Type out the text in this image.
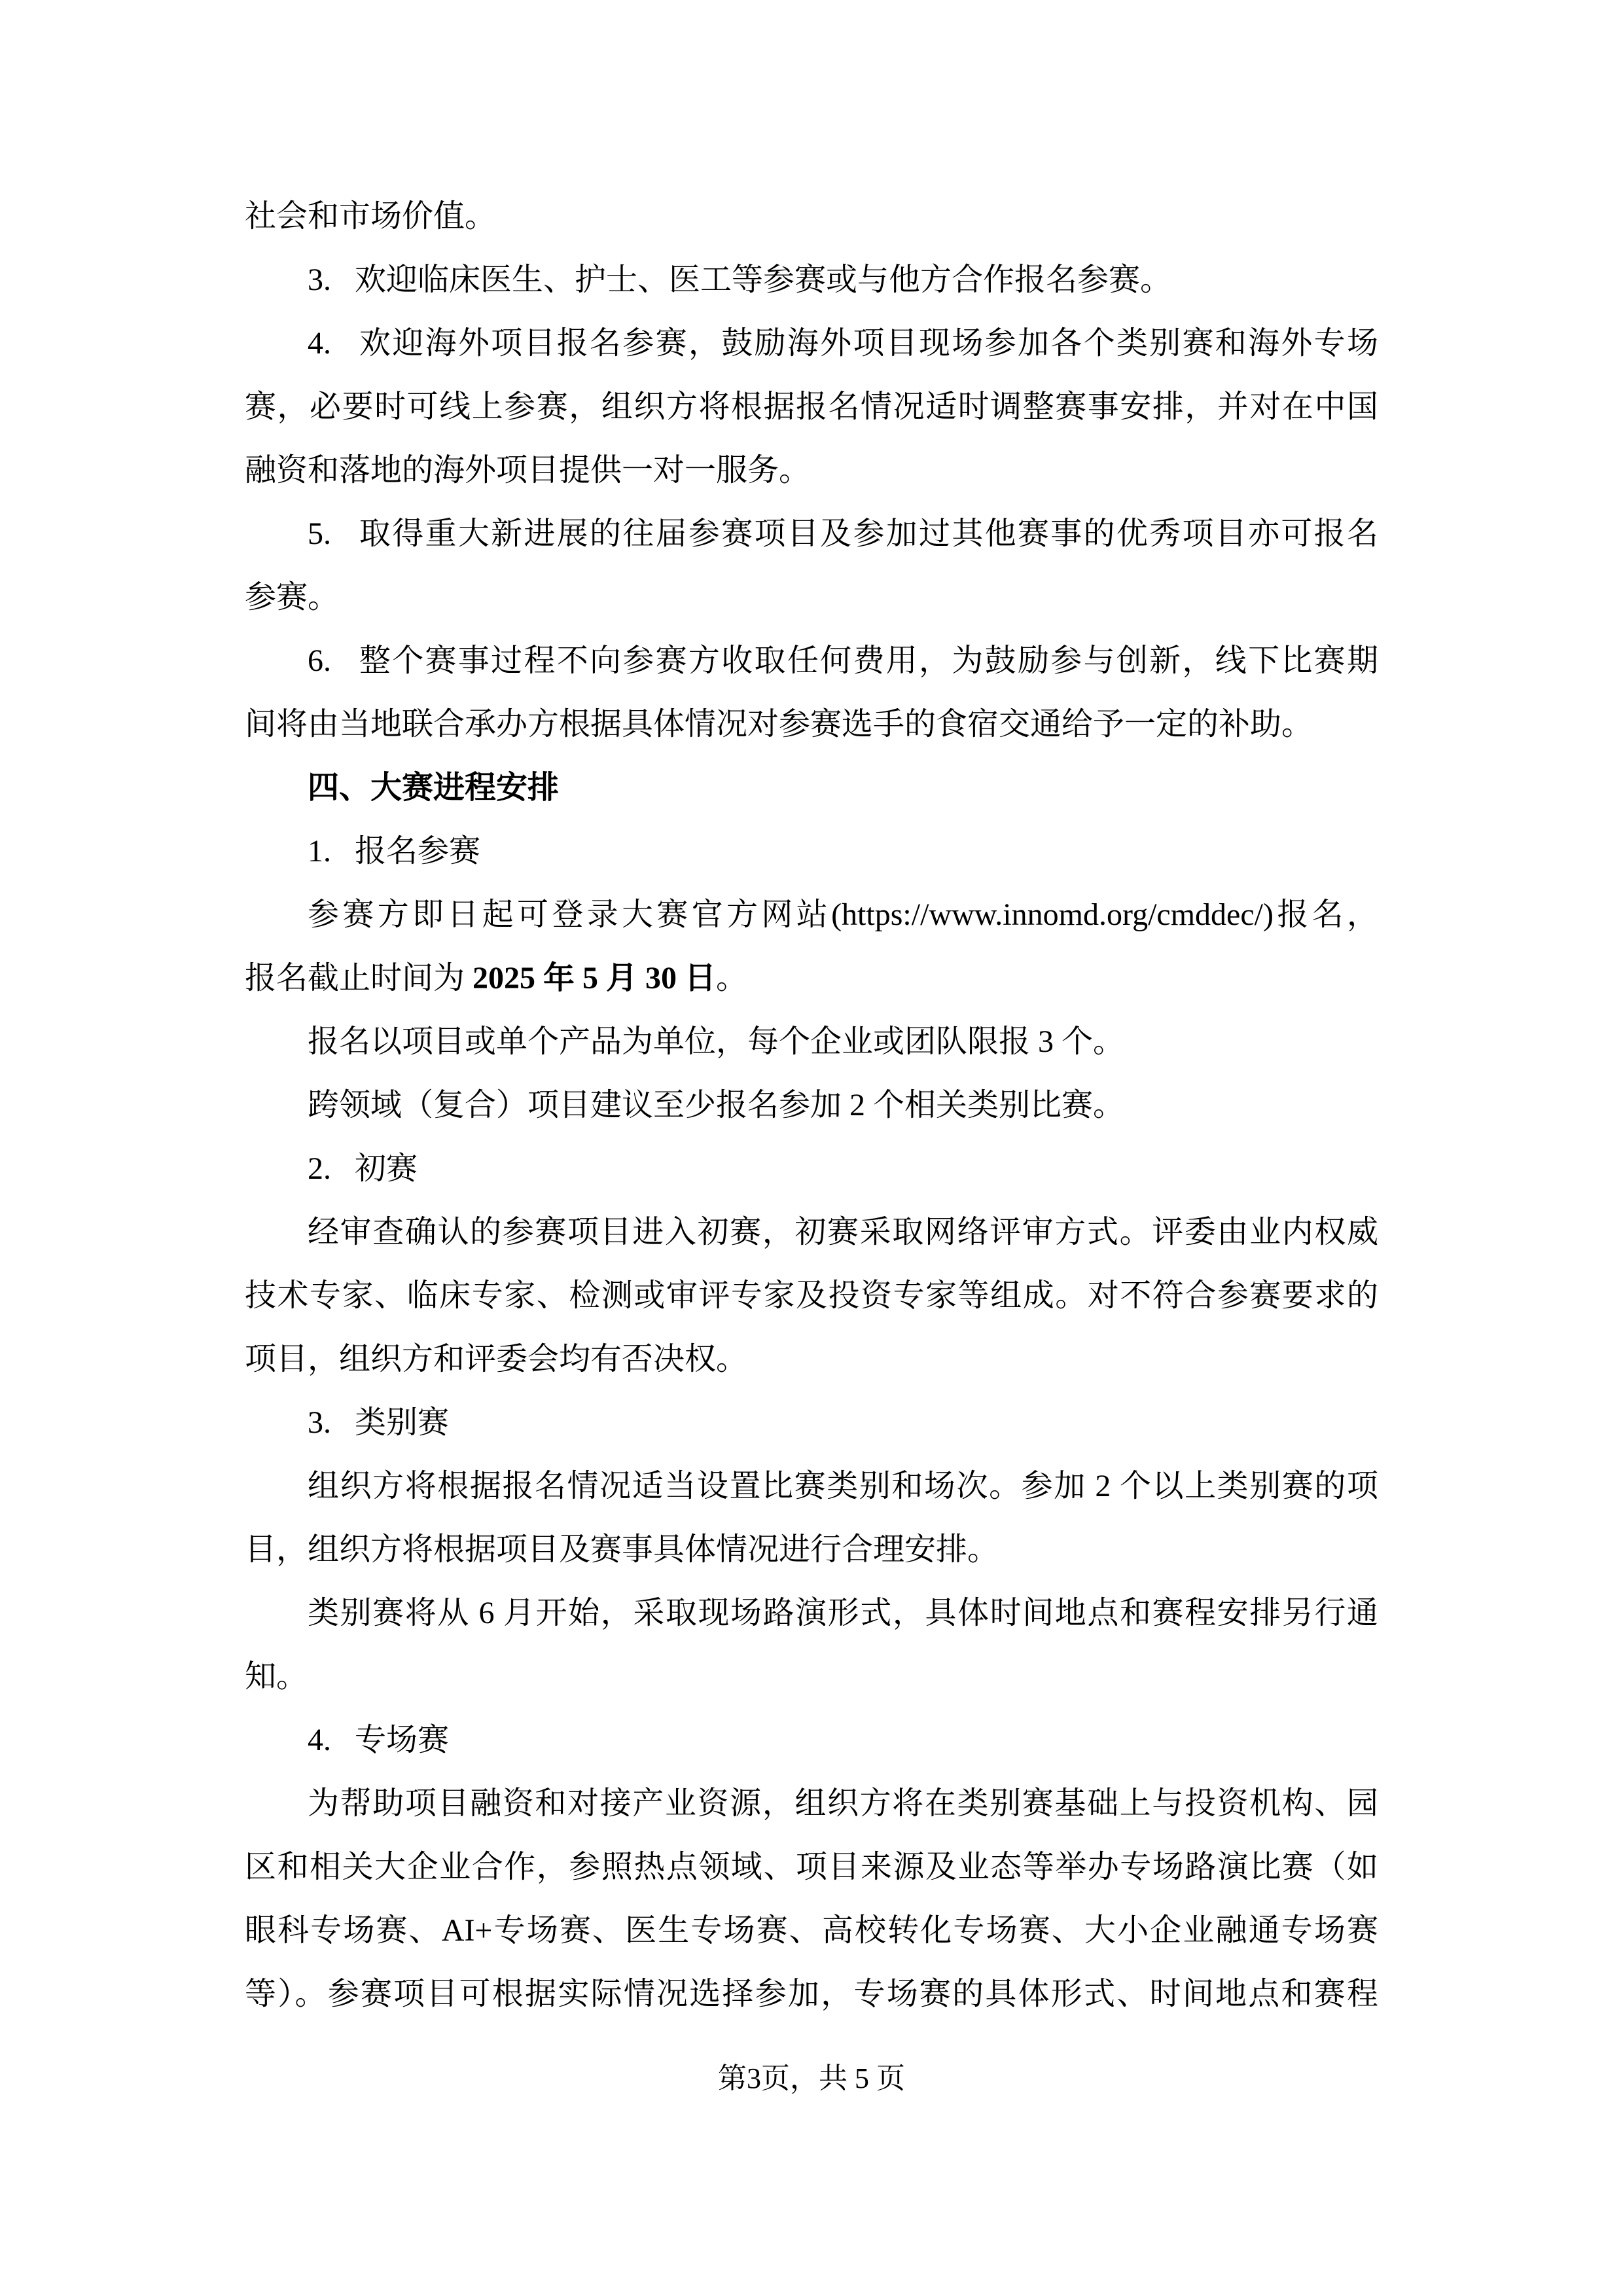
社会和市场价值。
3.   欢迎临床医生、护士、医工等参赛或与他方合作报名参赛。
4.   欢迎海外项目报名参赛，鼓励海外项目现场参加各个类别赛和海外专场
赛，必要时可线上参赛，组织方将根据报名情况适时调整赛事安排，并对在中国
融资和落地的海外项目提供一对一服务。
5.   取得重大新进展的往届参赛项目及参加过其他赛事的优秀项目亦可报名
参赛。
6.   整个赛事过程不向参赛方收取任何费用，为鼓励参与创新，线下比赛期
间将由当地联合承办方根据具体情况对参赛选手的食宿交通给予一定的补助。
四、大赛进程安排
1.   报名参赛
参赛方即日起可登录大赛官方网站(https://www.innomd.org/cmddec/)报名，
报名截止时间为 2025 年 5 月 30 日。
报名以项目或单个产品为单位，每个企业或团队限报 3 个。
跨领域（复合）项目建议至少报名参加 2 个相关类别比赛。
2.   初赛
经审查确认的参赛项目进入初赛，初赛采取网络评审方式。评委由业内权威
技术专家、临床专家、检测或审评专家及投资专家等组成。对不符合参赛要求的
项目，组织方和评委会均有否决权。
3.   类别赛
组织方将根据报名情况适当设置比赛类别和场次。参加 2 个以上类别赛的项
目，组织方将根据项目及赛事具体情况进行合理安排。
类别赛将从 6 月开始，采取现场路演形式，具体时间地点和赛程安排另行通
知。
4.   专场赛
为帮助项目融资和对接产业资源，组织方将在类别赛基础上与投资机构、园
区和相关大企业合作，参照热点领域、项目来源及业态等举办专场路演比赛（如
眼科专场赛、AI+专场赛、医生专场赛、高校转化专场赛、大小企业融通专场赛
等）。参赛项目可根据实际情况选择参加，专场赛的具体形式、时间地点和赛程
第3页，共 5 页
